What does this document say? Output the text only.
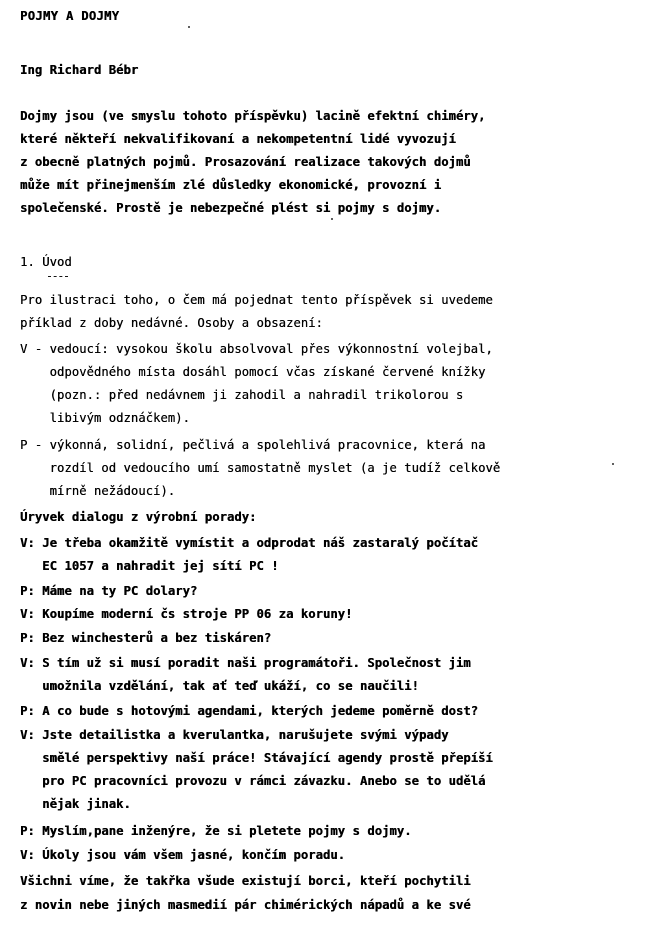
POJMY A DOJMY
Ing Richard Bébr
Dojmy jsou (ve smyslu tohoto příspěvku) lacině efektní chiméry,
které někteří nekvalifikovaní a nekompetentní lidé vyvozují
z obecně platných pojmů. Prosazování realizace takových dojmů
může mít přinejmenším zlé důsledky ekonomické, provozní i
společenské. Prostě je nebezpečné plést si pojmy s dojmy.
1. Úvod
Pro ilustraci toho, o čem má pojednat tento příspěvek si uvedeme
příklad z doby nedávné. Osoby a obsazení:
V - vedoucí: vysokou školu absolvoval přes výkonnostní volejbal,
odpovědného místa dosáhl pomocí včas získané červené knížky
(pozn.: před nedávnem ji zahodil a nahradil trikolorou s
libivým odznáčkem).
P - výkonná, solidní, pečlivá a spolehlivá pracovnice, která na
rozdíl od vedoucího umí samostatně myslet (a je tudíž celkově
mírně nežádoucí).
Úryvek dialogu z výrobní porady:
V: Je třeba okamžitě vymístit a odprodat náš zastaralý počítač
EC 1057 a nahradit jej sítí PC !
P: Máme na ty PC dolary?
V: Koupíme moderní čs stroje PP 06 za koruny!
P: Bez winchesterů a bez tiskáren?
V: S tím už si musí poradit naši programátoři. Společnost jim
umožnila vzdělání, tak ať teď ukáží, co se naučili!
P: A co bude s hotovými agendami, kterých jedeme poměrně dost?
V: Jste detailistka a kverulantka, narušujete svými výpady
smělé perspektivy naší práce! Stávající agendy prostě přepíší
pro PC pracovníci provozu v rámci závazku. Anebo se to udělá
nějak jinak.
P: Myslím,pane inženýre, že si pletete pojmy s dojmy.
V: Úkoly jsou vám všem jasné, končím poradu.
Všichni víme, že takřka všude existují borci, kteří pochytili
z novin nebe jiných masmedií pár chimérických nápadů a ke své
